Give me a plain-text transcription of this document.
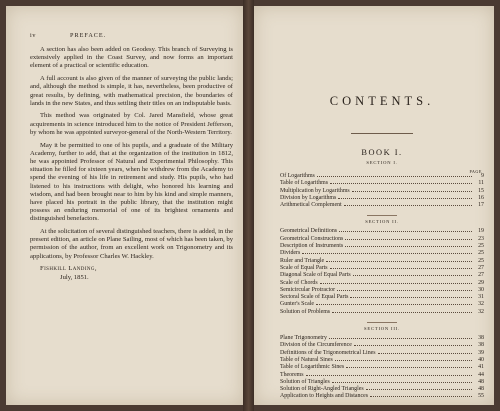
iv	PREFACE.

A section has also been added on Geodesy. This branch of Surveying is extensively applied in the Coast Survey, and now forms an important element of a practical or scientific education.

A full account is also given of the manner of surveying the public lands; and, although the method is simple, it has, nevertheless, been productive of great results, by defining, with mathematical precision, the boundaries of lands in the new States, and thus settling their titles on an indisputable basis.

This method was originated by Col. Jared Mansfield, whose great acquirements in science introduced him to the notice of President Jefferson, by whom he was appointed surveyor-general of the North-Western Territory.

May it be permitted to one of his pupils, and a graduate of the Military Academy, further to add, that at the organization of the institution in 1812, he was appointed Professor of Natural and Experimental Philosophy. This situation he filled for sixteen years, when he withdrew from the Academy to spend the evening of his life in retirement and study. His pupils, who had listened to his instructions with delight, who honored his learning and wisdom, and had been brought near to him by his kind and simple manners, have placed his portrait in the public library, that the institution might possess an enduring memorial of one of its brightest ornaments and distinguished benefactors.

At the solicitation of several distinguished teachers, there is added, in the present edition, an article on Plane Sailing, most of which has been taken, by permission of the author, from an excellent work on Trigonometry and its applications, by Professor Charles W. Hackley.

Fishkill Landing,
July, 1851.
CONTENTS.
BOOK I.
SECTION I.
PAGE
Of Logarithms	9
Table of Logarithms	11
Multiplication by Logarithms	15
Division by Logarithms	16
Arithmetical Complement	17
SECTION II.
Geometrical Definitions	19
Geometrical Constructions	23
Description of Instruments	25
Dividers	25
Ruler and Triangle	25
Scale of Equal Parts	27
Diagonal Scale of Equal Parts	27
Scale of Chords	29
Semicircular Protractor	30
Sectoral Scale of Equal Parts	31
Gunter's Scale	32
Solution of Problems	32
SECTION III.
Plane Trigonometry	38
Division of the Circumference	38
Definitions of the Trigonometrical Lines	39
Table of Natural Sines	40
Table of Logarithmic Sines	41
Theorems	44
Solution of Triangles	48
Solution of Right-Angled Triangles	48
Application to Heights and Distances	55
